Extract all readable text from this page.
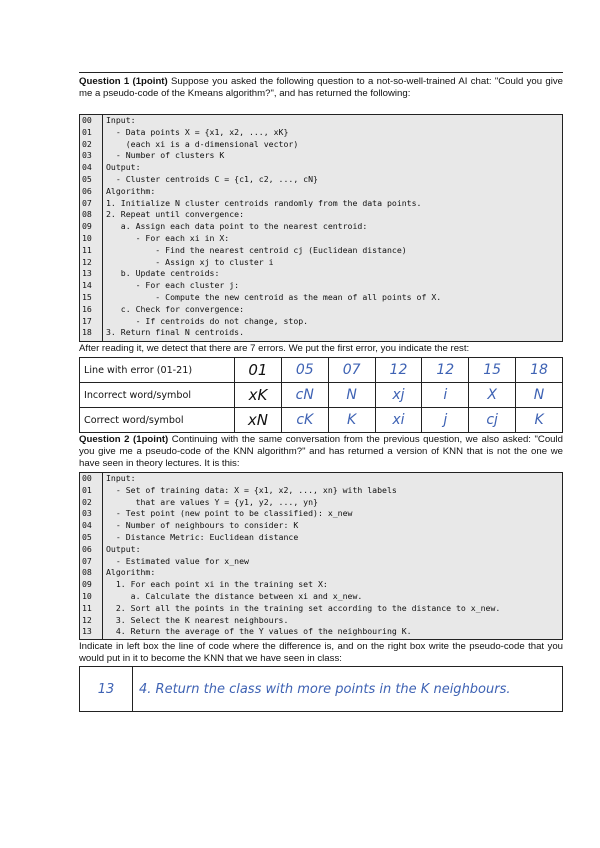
Question 1 (1point) Suppose you asked the following question to a not-so-well-trained AI chat: "Could you give me a pseudo-code of the Kmeans algorithm?", and has returned the following:
00 Input:
01  - Data points X = {x1, x2, ..., xK}
02    (each xi is a d-dimensional vector)
03  - Number of clusters K
04 Output:
05  - Cluster centroids C = {c1, c2, ..., cN}
06 Algorithm:
07 1. Initialize N cluster centroids randomly from the data points.
08 2. Repeat until convergence:
09   a. Assign each data point to the nearest centroid:
10      - For each xi in X:
11          - Find the nearest centroid cj (Euclidean distance)
12          - Assign xj to cluster i
13   b. Update centroids:
14      - For each cluster j:
15          - Compute the new centroid as the mean of all points of X.
16   c. Check for convergence:
17      - If centroids do not change, stop.
18 3. Return final N centroids.
After reading it, we detect that there are 7 errors. We put the first error, you indicate the rest:
Line with error (01-21)	01	05	07	12	12	15	18
Incorrect word/symbol	xK	cN	N	xj	i	X	N
Correct word/symbol	xN	cK	K	xi	j	cj	K
Question 2 (1point) Continuing with the same conversation from the previous question, we also asked: "Could you give me a pseudo-code of the KNN algorithm?" and has returned a version of KNN that is not the one we have seen in theory lectures. It is this:
00 Input:
01  - Set of training data: X = {x1, x2, ..., xn} with labels
02      that are values Y = {y1, y2, ..., yn}
03  - Test point (new point to be classified): x_new
04  - Number of neighbours to consider: K
05  - Distance Metric: Euclidean distance
06 Output:
07  - Estimated value for x_new
08 Algorithm:
09  1. For each point xi in the training set X:
10     a. Calculate the distance between xi and x_new.
11  2. Sort all the points in the training set according to the distance to x_new.
12  3. Select the K nearest neighbours.
13  4. Return the average of the Y values of the neighbouring K.
Indicate in left box the line of code where the difference is, and on the right box write the pseudo-code that you would put in it to become the KNN that we have seen in class:
13	4. Return the class with more points in the K neighbours.
